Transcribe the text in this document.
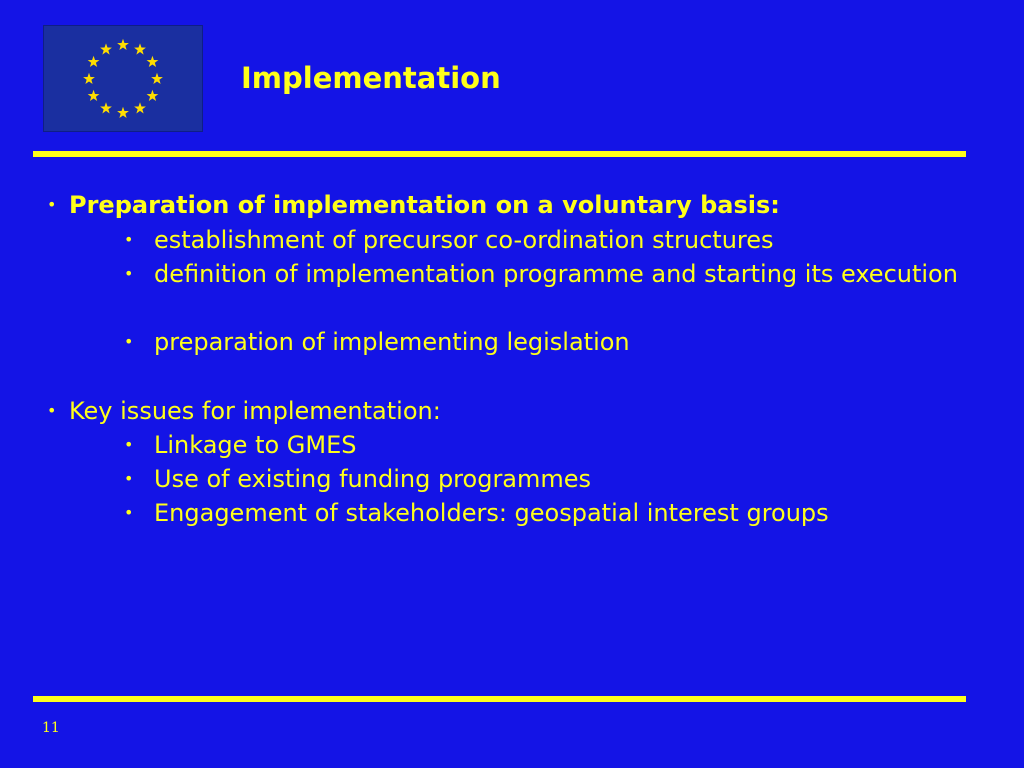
Implementation
• Preparation of implementation on a voluntary basis:
• establishment of precursor co-ordination structures
• definition of implementation programme and starting its execution
• preparation of implementing legislation
• Key issues for implementation:
• Linkage to GMES
• Use of existing funding programmes
• Engagement of stakeholders: geospatial interest groups
11
